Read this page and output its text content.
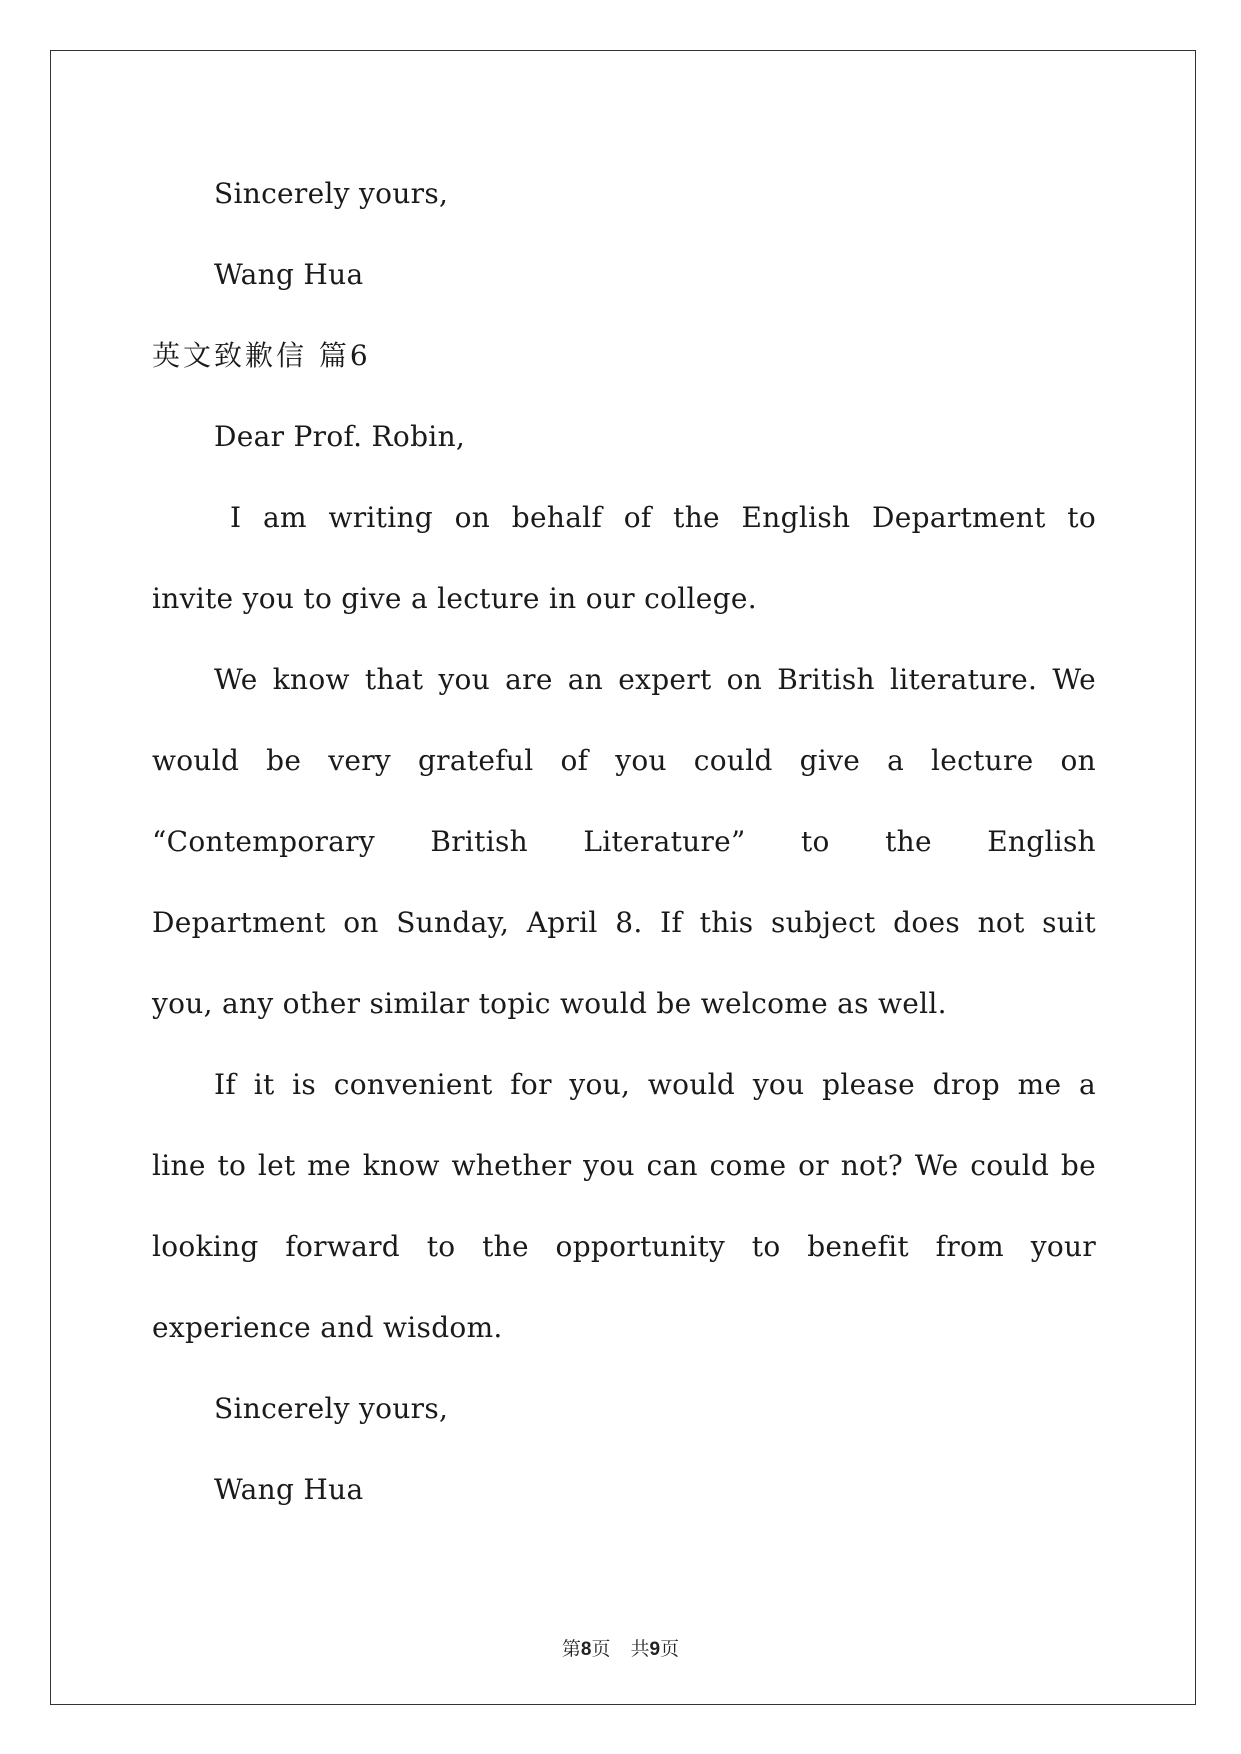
Sincerely yours,
Wang Hua
英文致歉信 篇6
Dear Prof. Robin,
I am writing on behalf of the English Department to
invite you to give a lecture in our college.
We know that you are an expert on British literature. We
would be very grateful of you could give a lecture on
“Contemporary British Literature” to the English
Department on Sunday, April 8. If this subject does not suit
you, any other similar topic would be welcome as well.
If it is convenient for you, would you please drop me a
line to let me know whether you can come or not? We could be
looking forward to the opportunity to benefit from your
experience and wisdom.
Sincerely yours,
Wang Hua
第8页 共9页
